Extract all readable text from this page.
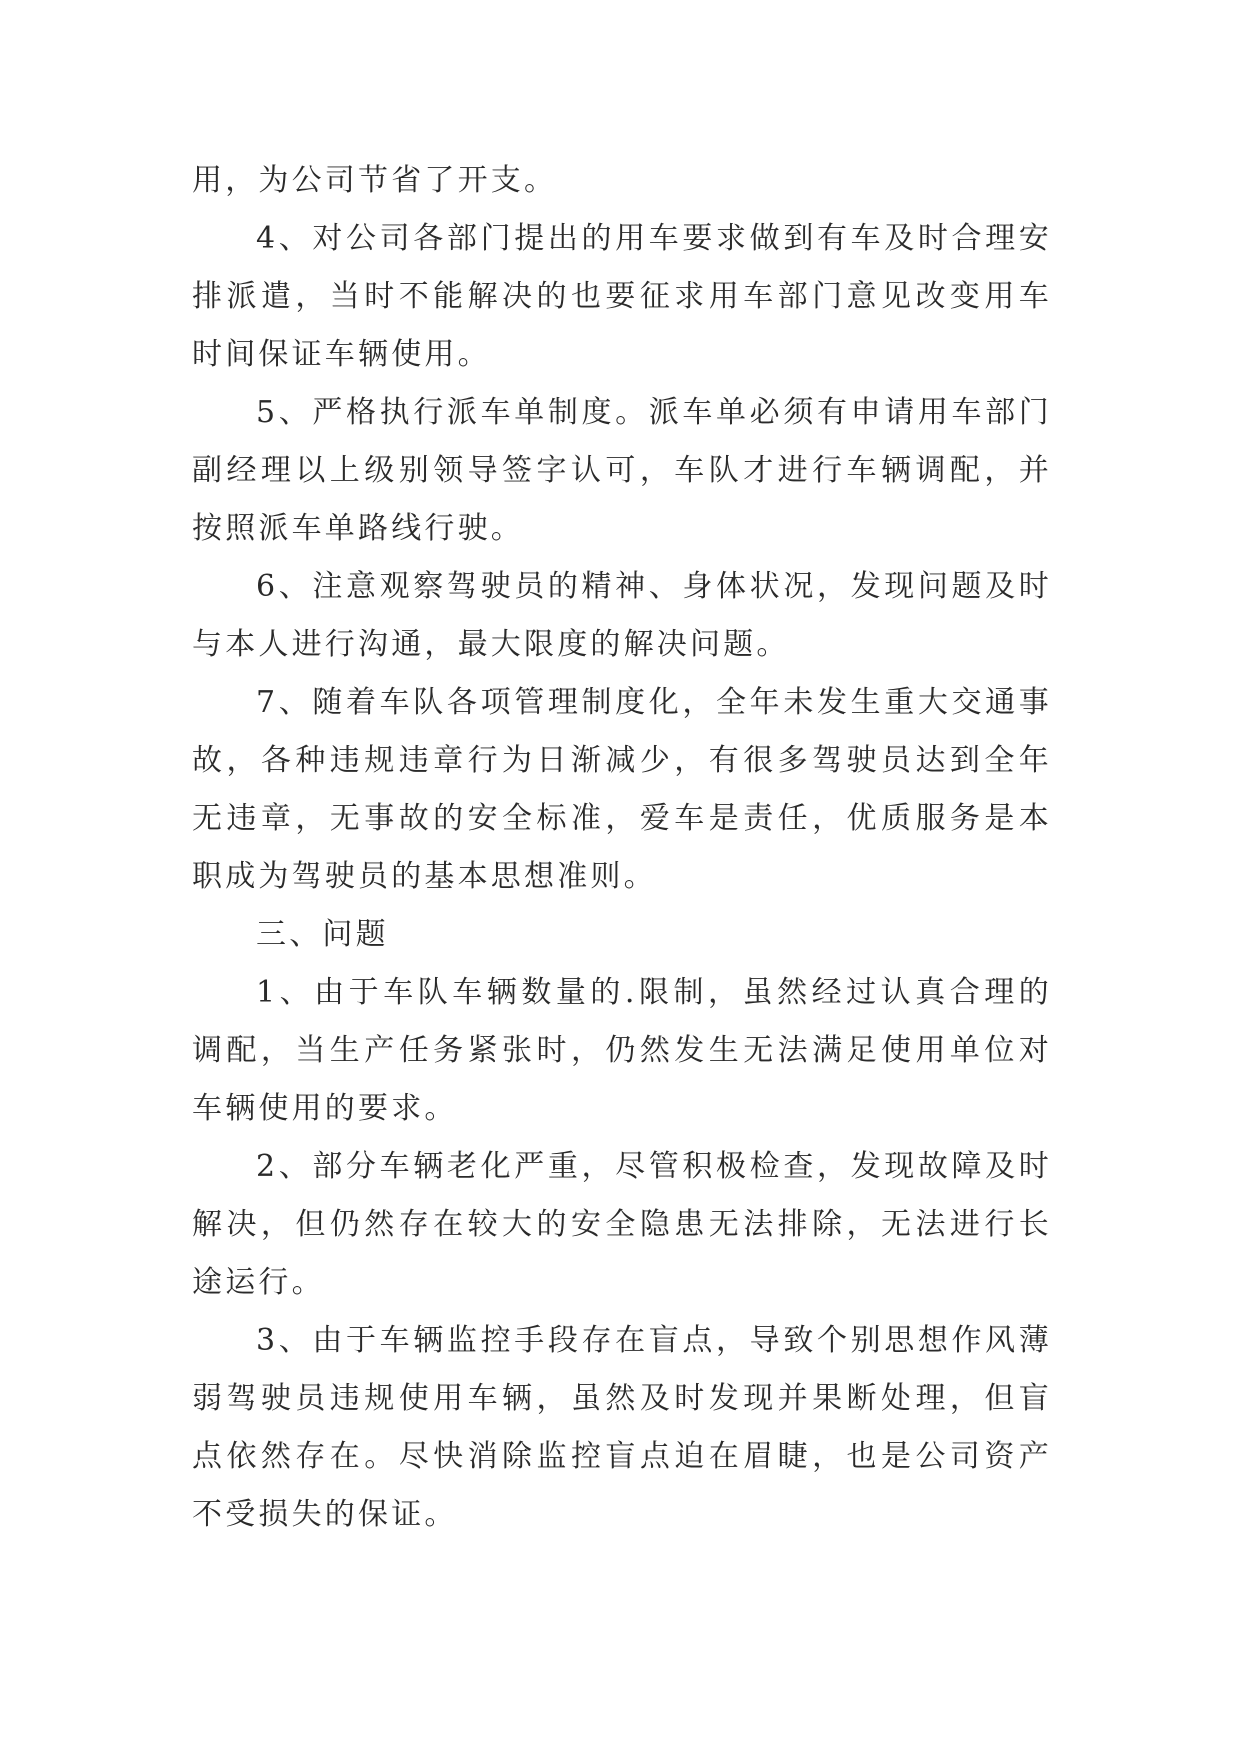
用，为公司节省了开支。

4、对公司各部门提出的用车要求做到有车及时合理安排派遣，当时不能解决的也要征求用车部门意见改变用车时间保证车辆使用。

5、严格执行派车单制度。派车单必须有申请用车部门副经理以上级别领导签字认可，车队才进行车辆调配，并按照派车单路线行驶。

6、注意观察驾驶员的精神、身体状况，发现问题及时与本人进行沟通，最大限度的解决问题。

7、随着车队各项管理制度化，全年未发生重大交通事故，各种违规违章行为日渐减少，有很多驾驶员达到全年无违章，无事故的安全标准，爱车是责任，优质服务是本职成为驾驶员的基本思想准则。

三、问题

1、由于车队车辆数量的.限制，虽然经过认真合理的调配，当生产任务紧张时，仍然发生无法满足使用单位对车辆使用的要求。

2、部分车辆老化严重，尽管积极检查，发现故障及时解决，但仍然存在较大的安全隐患无法排除，无法进行长途运行。

3、由于车辆监控手段存在盲点，导致个别思想作风薄弱驾驶员违规使用车辆，虽然及时发现并果断处理，但盲点依然存在。尽快消除监控盲点迫在眉睫，也是公司资产不受损失的保证。
